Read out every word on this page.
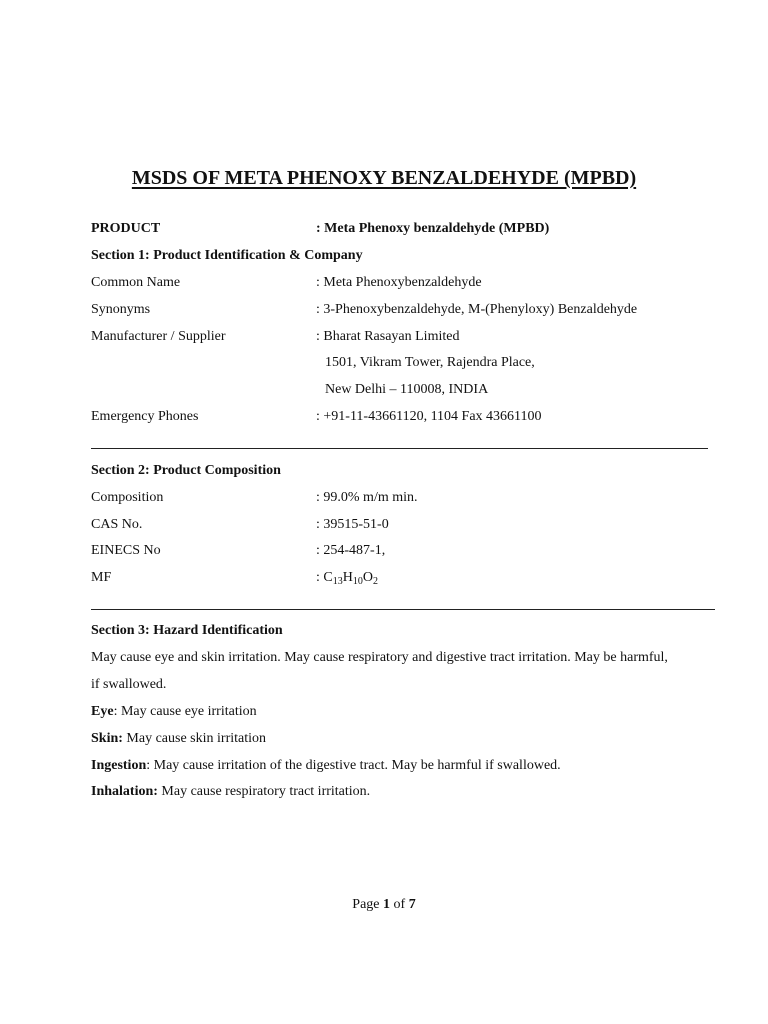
MSDS OF META PHENOXY BENZALDEHYDE (MPBD)
PRODUCT	: Meta Phenoxy benzaldehyde (MPBD)
Section 1: Product Identification & Company
Common Name	: Meta Phenoxybenzaldehyde
Synonyms	: 3-Phenoxybenzaldehyde, M-(Phenyloxy) Benzaldehyde
Manufacturer / Supplier	: Bharat Rasayan Limited
1501, Vikram Tower, Rajendra Place,
New Delhi – 110008, INDIA
Emergency Phones	: +91-11-43661120, 1104 Fax 43661100
Section 2: Product Composition
Composition	: 99.0% m/m min.
CAS No.	: 39515-51-0
EINECS No	: 254-487-1,
MF	: $C_{13}H_{10}O_2$
Section 3: Hazard Identification
May cause eye and skin irritation. May cause respiratory and digestive tract irritation. May be harmful,
if swallowed.
Eye: May cause eye irritation
Skin: May cause skin irritation
Ingestion: May cause irritation of the digestive tract. May be harmful if swallowed.
Inhalation: May cause respiratory tract irritation.
Page 1 of 7
